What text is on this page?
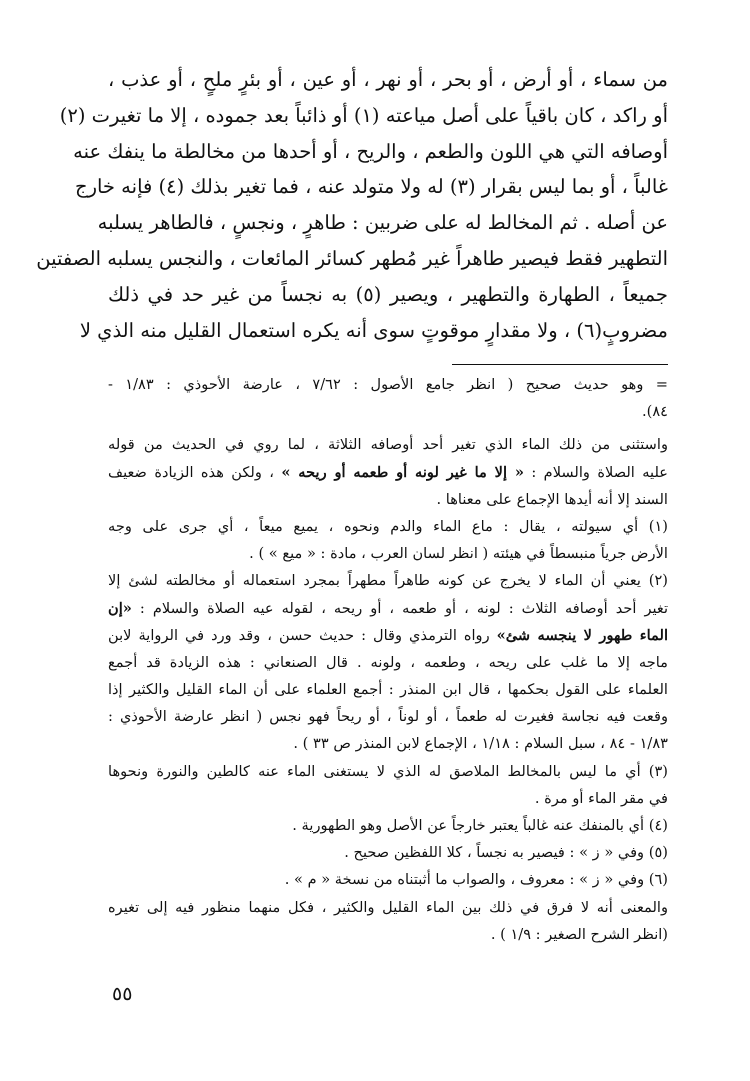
من سماء ، أو أرض ، أو بحر ، أو نهر ، أو عين ، أو بئرٍ ملحٍ ، أو عذب ،
أو راكد ، كان باقياً على أصل مياعته (١) أو ذائباً بعد جموده ، إلا ما تغيرت (٢)
أوصافه التي هي اللون والطعم ، والريح ، أو أحدها من مخالطة ما ينفك عنه
غالباً ، أو بما ليس بقرار (٣) له ولا متولد عنه ، فما تغير بذلك (٤) فإنه خارج
عن أصله . ثم المخالط له على ضربين : طاهرٍ ، ونجسٍ ، فالطاهر يسلبه
التطهير فقط فيصير طاهراً غير مُطهر كسائر المائعات ، والنجس يسلبه الصفتين
جميعاً ، الطهارة والتطهير ، ويصير (٥) به نجساً من غير حد في ذلك
مضروبٍ(٦) ، ولا مقدارٍ موقوتٍ سوى أنه يكره استعمال القليل منه الذي لا
= وهو حديث صحيح ( انظر جامع الأصول : ٧/٦٢ ، عارضة الأحوذي : ١/٨٣ -
٨٤).
واستثنى من ذلك الماء الذي تغير أحد أوصافه الثلاثة ، لما روي في الحديث من قوله
عليه الصلاة والسلام : « إلا ما غير لونه أو طعمه أو ريحه » ، ولكن هذه الزيادة ضعيف
السند إلا أنه أيدها الإجماع على معناها .
(١) أي سيولته ، يقال : ماع الماء والدم ونحوه ، يميع ميعاً ، أي جرى على وجه
الأرض جرياً منبسطاً في هيئته ( انظر لسان العرب ، مادة : « ميع » ) .
(٢) يعني أن الماء لا يخرج عن كونه طاهراً مطهراً بمجرد استعماله أو مخالطته لشئ إلا
تغير أحد أوصافه الثلاث : لونه ، أو طعمه ، أو ريحه ، لقوله عيه الصلاة والسلام : «إن
الماء طهور لا ينجسه شئ» رواه الترمذي وقال : حديث حسن ، وقد ورد في الرواية لابن
ماجه إلا ما غلب على ريحه ، وطعمه ، ولونه . قال الصنعاني : هذه الزيادة قد أجمع
العلماء على القول بحكمها ، قال ابن المنذر : أجمع العلماء على أن الماء القليل والكثير إذا
وقعت فيه نجاسة فغيرت له طعماً ، أو لوناً ، أو ريحاً فهو نجس ( انظر عارضة الأحوذي :
١/٨٣ - ٨٤ ، سبل السلام : ١/١٨ ، الإجماع لابن المنذر ص ٣٣ ) .
(٣) أي ما ليس بالمخالط الملاصق له الذي لا يستغنى الماء عنه كالطين والنورة ونحوها
في مقر الماء أو مرة .
(٤) أي بالمنفك عنه غالباً يعتبر خارجاً عن الأصل وهو الطهورية .
(٥) وفي « ز » : فيصير به نجساً ، كلا اللفظين صحيح .
(٦) وفي « ز » : معروف ، والصواب ما أثبتناه من نسخة « م » .
والمعنى أنه لا فرق في ذلك بين الماء القليل والكثير ، فكل منهما منظور فيه إلى تغيره
(انظر الشرح الصغير : ١/٩ ) .
٥٥
